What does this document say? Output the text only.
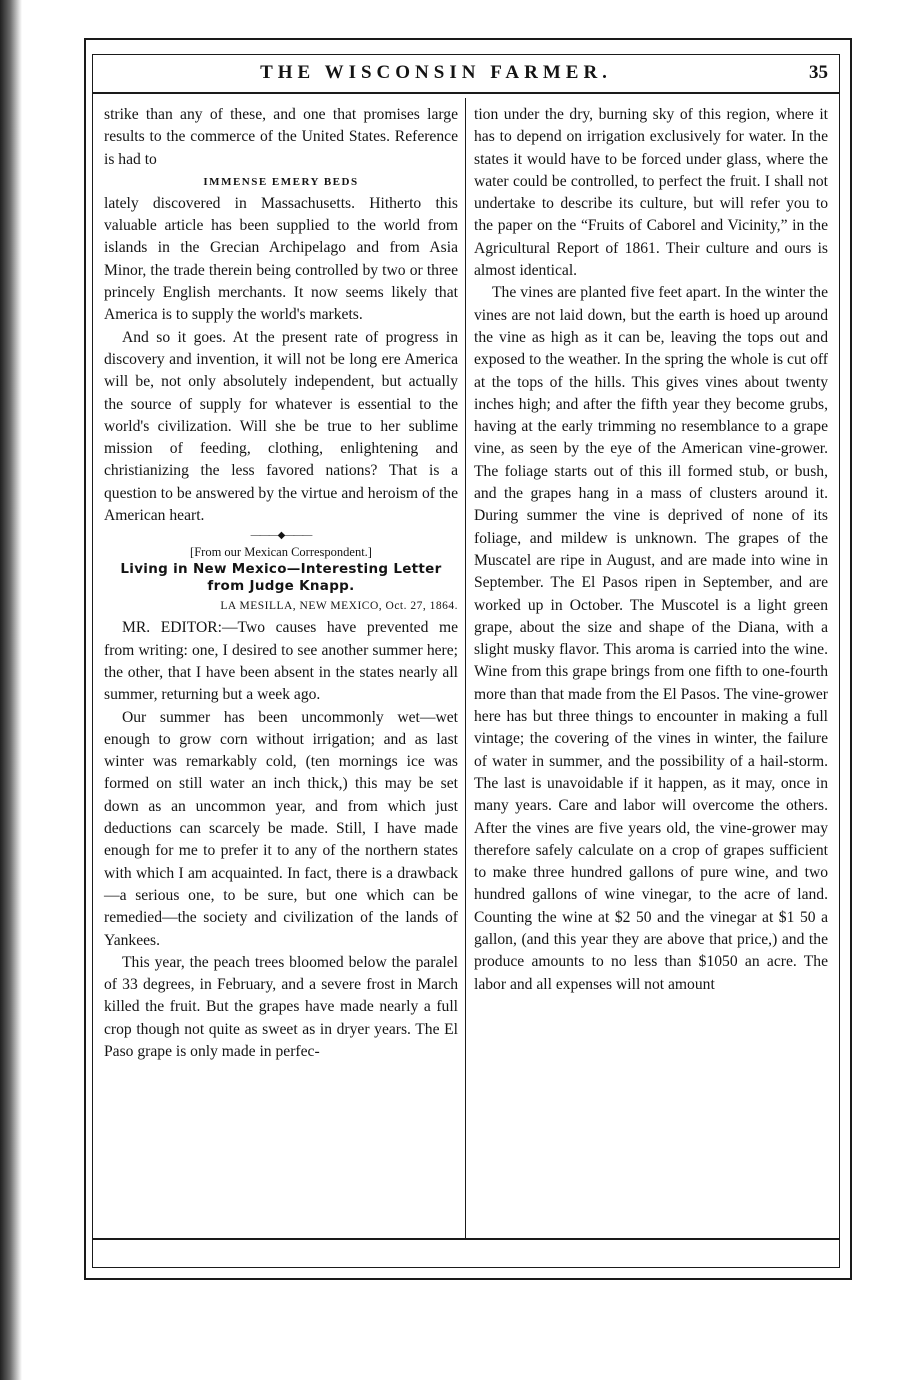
THE WISCONSIN FARMER.	35

strike than any of these, and one that promises large results to the commerce of the United States. Reference is had to

IMMENSE EMERY BEDS

lately discovered in Massachusetts. Hitherto this valuable article has been supplied to the world from islands in the Grecian Archipelago and from Asia Minor, the trade therein being controlled by two or three princely English merchants. It now seems likely that America is to supply the world's markets.

And so it goes. At the present rate of progress in discovery and invention, it will not be long ere America will be, not only absolutely independent, but actually the source of supply for whatever is essential to the world's civilization. Will she be true to her sublime mission of feeding, clothing, enlightening and christianizing the less favored nations? That is a question to be answered by the virtue and heroism of the American heart.

———◆———
[From our Mexican Correspondent.]
Living in New Mexico—Interesting Letter from Judge Knapp.
LA MESILLA, NEW MEXICO, Oct. 27, 1864.

MR. EDITOR:—Two causes have prevented me from writing: one, I desired to see another summer here; the other, that I have been absent in the states nearly all summer, returning but a week ago.

Our summer has been uncommonly wet—wet enough to grow corn without irrigation; and as last winter was remarkably cold, (ten mornings ice was formed on still water an inch thick,) this may be set down as an uncommon year, and from which just deductions can scarcely be made. Still, I have made enough for me to prefer it to any of the northern states with which I am acquainted. In fact, there is a drawback—a serious one, to be sure, but one which can be remedied—the society and civilization of the lands of Yankees.

This year, the peach trees bloomed below the paralel of 33 degrees, in February, and a severe frost in March killed the fruit. But the grapes have made nearly a full crop though not quite as sweet as in dryer years. The El Paso grape is only made in perfec-

tion under the dry, burning sky of this region, where it has to depend on irrigation exclusively for water. In the states it would have to be forced under glass, where the water could be controlled, to perfect the fruit. I shall not undertake to describe its culture, but will refer you to the paper on the “Fruits of Caborel and Vicinity,” in the Agricultural Report of 1861. Their culture and ours is almost identical.

The vines are planted five feet apart. In the winter the vines are not laid down, but the earth is hoed up around the vine as high as it can be, leaving the tops out and exposed to the weather. In the spring the whole is cut off at the tops of the hills. This gives vines about twenty inches high; and after the fifth year they become grubs, having at the early trimming no resemblance to a grape vine, as seen by the eye of the American vine-grower. The foliage starts out of this ill formed stub, or bush, and the grapes hang in a mass of clusters around it. During summer the vine is deprived of none of its foliage, and mildew is unknown. The grapes of the Muscatel are ripe in August, and are made into wine in September. The El Pasos ripen in September, and are worked up in October. The Muscotel is a light green grape, about the size and shape of the Diana, with a slight musky flavor. This aroma is carried into the wine. Wine from this grape brings from one fifth to one-fourth more than that made from the El Pasos. The vine-grower here has but three things to encounter in making a full vintage; the covering of the vines in winter, the failure of water in summer, and the possibility of a hail-storm. The last is unavoidable if it happen, as it may, once in many years. Care and labor will overcome the others. After the vines are five years old, the vine-grower may therefore safely calculate on a crop of grapes sufficient to make three hundred gallons of pure wine, and two hundred gallons of wine vinegar, to the acre of land. Counting the wine at $2 50 and the vinegar at $1 50 a gallon, (and this year they are above that price,) and the produce amounts to no less than $1050 an acre. The labor and all expenses will not amount
